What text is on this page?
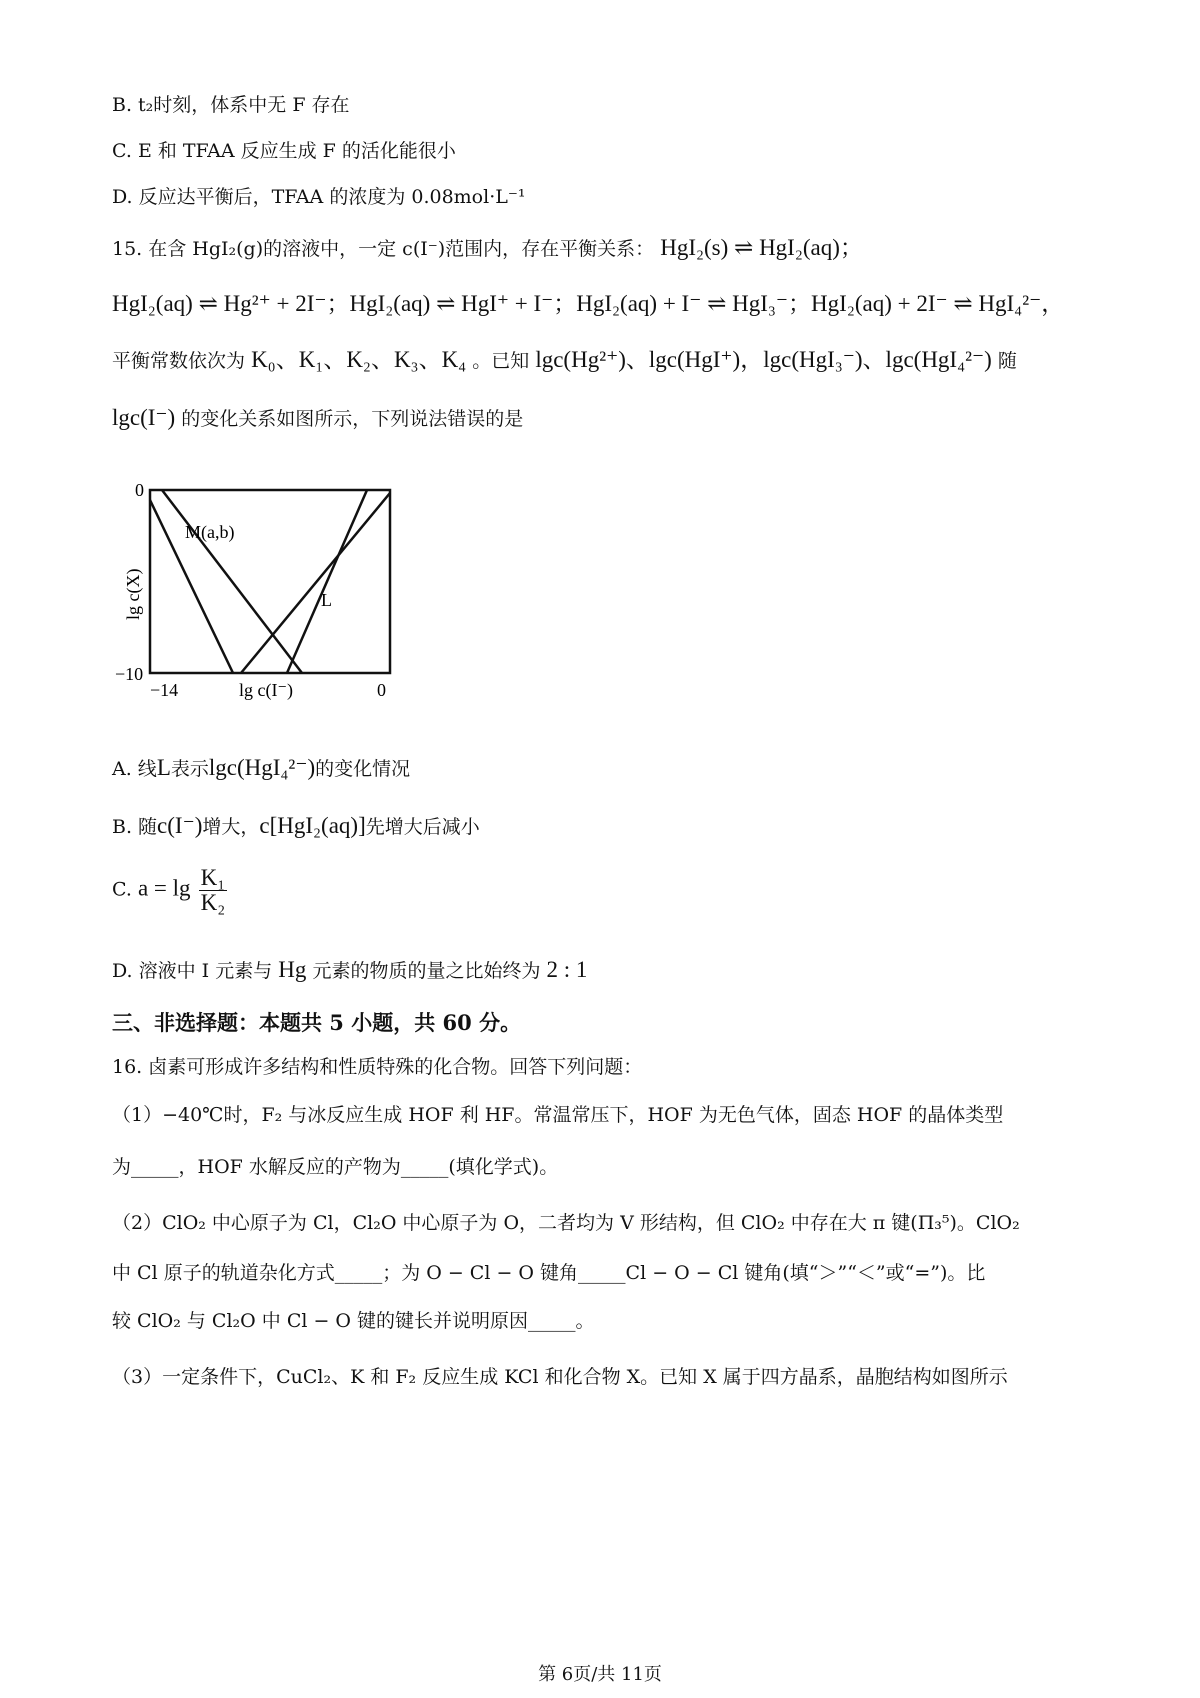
B. t₂时刻，体系中无 F 存在
C. E 和 TFAA 反应生成 F 的活化能很小
D. 反应达平衡后，TFAA 的浓度为 0.08mol·L⁻¹
15. 在含 HgI₂(g)的溶液中，一定 c(I⁻)范围内，存在平衡关系： HgI₂(s) ⇌ HgI₂(aq)；
HgI₂(aq) ⇌ Hg²⁺ + 2I⁻；HgI₂(aq) ⇌ HgI⁺ + I⁻；HgI₂(aq) + I⁻ ⇌ HgI₃⁻；HgI₂(aq) + 2I⁻ ⇌ HgI₄²⁻，
平衡常数依次为 K₀、K₁、K₂、K₃、K₄ 。已知 lgc(Hg²⁺)、lgc(HgI⁺)，lgc(HgI₃⁻)、lgc(HgI₄²⁻) 随
lgc(I⁻) 的变化关系如图所示，下列说法错误的是
0
−10
−14	0
lg c(I⁻)
lg c(X)
M(a,b)
L
A. 线L表示lgc(HgI₄²⁻)的变化情况
B. 随c(I⁻)增大，c[HgI₂(aq)]先增大后减小
C. $a = \lg \frac{\text{K₁}}{\text{K₂}}$
D. 溶液中 I 元素与 Hg 元素的物质的量之比始终为 2 : 1
三、非选择题：本题共 5 小题，共 60 分。
16. 卤素可形成许多结构和性质特殊的化合物。回答下列问题：
（1）−40℃时，F₂ 与冰反应生成 HOF 利 HF。常温常压下，HOF 为无色气体，固态 HOF 的晶体类型
为_____，HOF 水解反应的产物为_____(填化学式)。
（2）ClO₂ 中心原子为 Cl，Cl₂O 中心原子为 O，二者均为 V 形结构，但 ClO₂ 中存在大 π 键(Π₃⁵)。ClO₂
中 Cl 原子的轨道杂化方式_____；为 O − Cl − O 键角_____Cl − O − Cl 键角(填“＞”“＜”或“=”)。比
较 ClO₂ 与 Cl₂O 中 Cl − O 键的键长并说明原因_____。
（3）一定条件下，CuCl₂、K 和 F₂ 反应生成 KCl 和化合物 X。已知 X 属于四方晶系，晶胞结构如图所示
第 6页/共 11页
